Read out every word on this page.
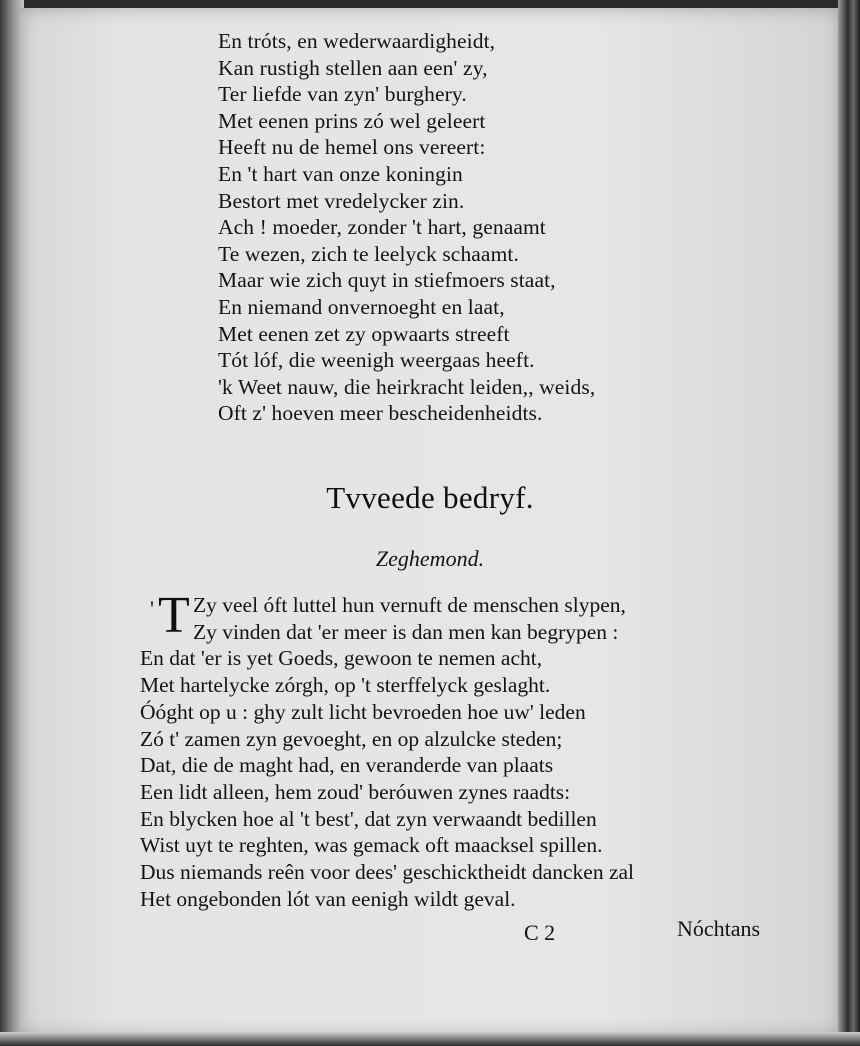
En tróts, en wederwaardigheidt,
Kan rustigh stellen aan een' zy,
Ter liefde van zyn' burghery.
Met eenen prins zó wel geleert
Heeft nu de hemel ons vereert:
En 't hart van onze koningin
Bestort met vredelycker zin.
Ach ! moeder, zonder 't hart, genaamt
Te wezen, zich te leelyck schaamt.
Maar wie zich quyt in stiefmoers staat,
En niemand onvernoeght en laat,
Met eenen zet zy opwaarts streeft
Tót lóf, die weenigh weergaas heeft.
'k Weet nauw, die heirkracht leiden,, weids,
Oft z' hoeven meer bescheidenheidts.
Tvveede bedryf.
Zeghemond.
' T Zy veel óft luttel hun vernuft de menschen slypen,
Zy vinden dat 'er meer is dan men kan begrypen :
En dat 'er is yet Goeds, gewoon te nemen acht,
Met hartelycke zórgh, op 't sterffelyck geslaght.
Óóght op u : ghy zult licht bevroeden hoe uw' leden
Zó t' zamen zyn gevoeght, en op alzulcke steden;
Dat, die de maght had, en veranderde van plaats
Een lidt alleen, hem zoud' beróuwen zynes raadts:
En blycken hoe al 't best', dat zyn verwaandt bedillen
Wist uyt te reghten, was gemack oft maacksel spillen.
Dus niemands reên voor dees' geschicktheidt dancken zal
Het ongebonden lót van eenigh wildt geval.
C 2	Nóchtans
